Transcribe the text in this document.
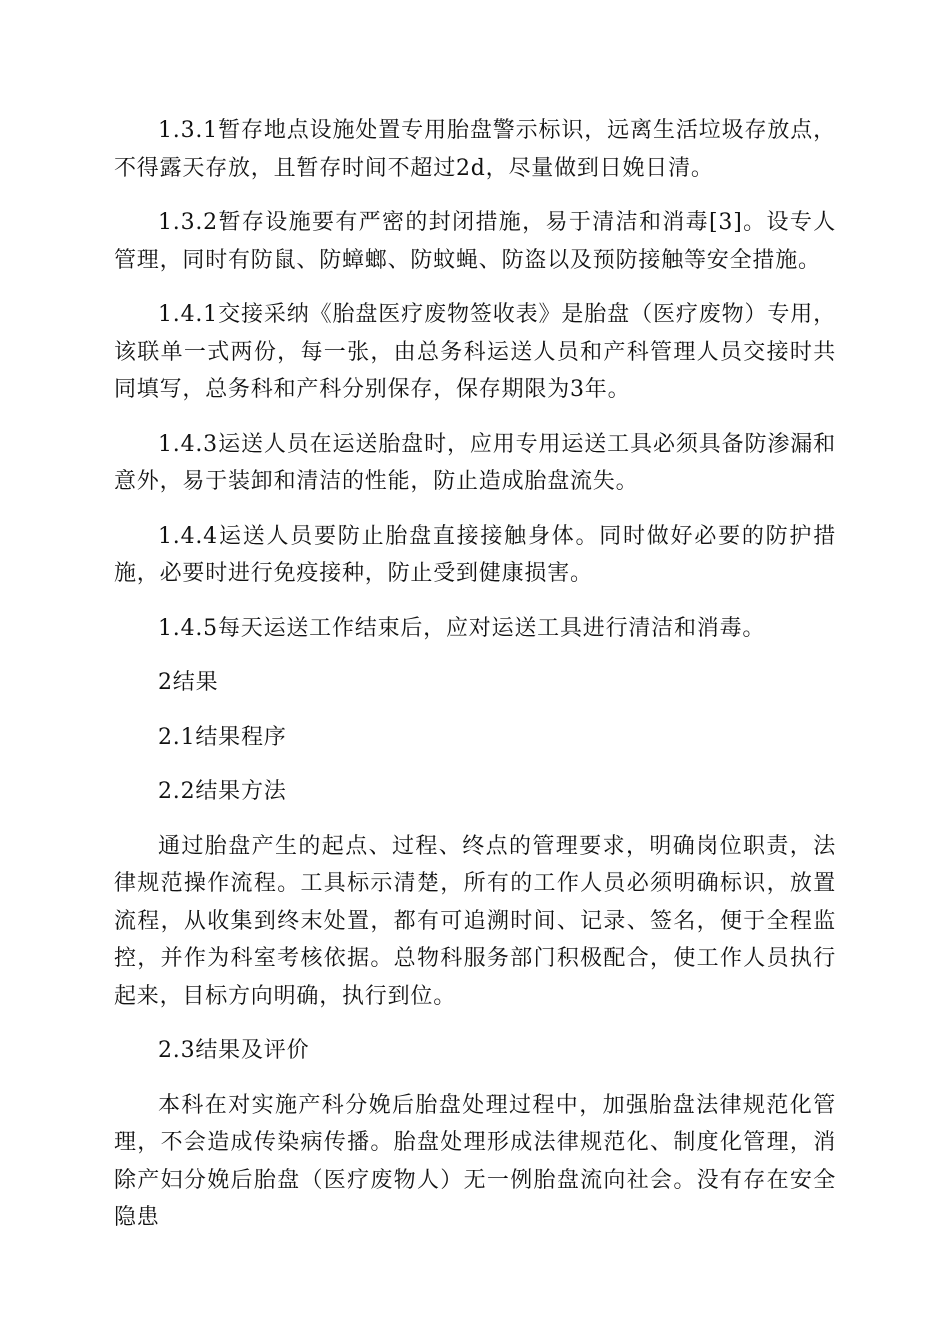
1.3.1暂存地点设施处置专用胎盘警示标识，远离生活垃圾存放点，不得露天存放，且暂存时间不超过2d，尽量做到日娩日清。

1.3.2暂存设施要有严密的封闭措施，易于清洁和消毒[3]。设专人管理，同时有防鼠、防蟑螂、防蚊蝇、防盗以及预防接触等安全措施。

1.4.1交接采纳《胎盘医疗废物签收表》是胎盘（医疗废物）专用，该联单一式两份，每一张，由总务科运送人员和产科管理人员交接时共同填写，总务科和产科分别保存，保存期限为3年。

1.4.3运送人员在运送胎盘时，应用专用运送工具必须具备防渗漏和意外，易于装卸和清洁的性能，防止造成胎盘流失。

1.4.4运送人员要防止胎盘直接接触身体。同时做好必要的防护措施，必要时进行免疫接种，防止受到健康损害。

1.4.5每天运送工作结束后，应对运送工具进行清洁和消毒。

2结果

2.1结果程序

2.2结果方法

通过胎盘产生的起点、过程、终点的管理要求，明确岗位职责，法律规范操作流程。工具标示清楚，所有的工作人员必须明确标识，放置流程，从收集到终末处置，都有可追溯时间、记录、签名，便于全程监控，并作为科室考核依据。总物科服务部门积极配合，使工作人员执行起来，目标方向明确，执行到位。

2.3结果及评价

本科在对实施产科分娩后胎盘处理过程中，加强胎盘法律规范化管理，不会造成传染病传播。胎盘处理形成法律规范化、制度化管理，消除产妇分娩后胎盘（医疗废物人）无一例胎盘流向社会。没有存在安全隐患
